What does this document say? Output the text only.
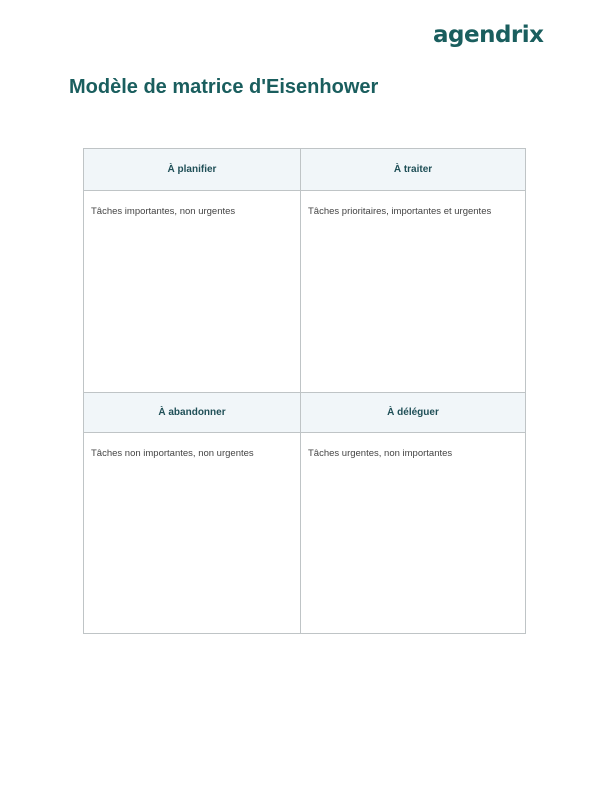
agendrix
Modèle de matrice d'Eisenhower
À planifier	À traiter
Tâches importantes, non urgentes	Tâches prioritaires, importantes et urgentes
À abandonner	À déléguer
Tâches non importantes, non urgentes	Tâches urgentes, non importantes
